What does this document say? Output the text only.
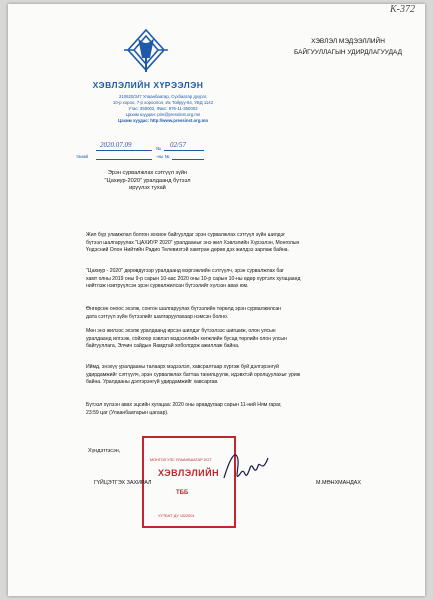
К-372
ХЭВЛЭЛИЙН ХҮРЭЭЛЭН
210620/347 Улаанбаатар, Сүхбаатар дүүрэг,
10-р хороо, 7-р хороолол, Их Тойруу-54, УБД 1142
Утас: 350002, Факс: 976-11-350002
Цахим шуудан: pim@pressinst.org.mn
Цахим хуудас: http://www.pressinst.org.mn
ХЭВЛЭЛ МЭДЭЭЛЛИЙН
БАЙГУУЛЛАГЫН УДИРДЛАГУУДАД
2020.07.09	№ 02/57
танай	-ны №
Эрэн сурвалжлах сэтгүүл зүйн
"Цахиур-2020" уралдаанд бүтээл
ирүүлэх тухай
Жил бүр уламжлал болгон зохион байгуулдаг эрэн сурвалжлах сэтгүүл зүйн шилдэг
бүтээл шалгаруулах "ЦАХИУР 2020" уралдааныг энэ жил Хэвлэлийн Хүрээлэн, Монголын
Үндэсний Олон Нийтийн Радио Телевизтэй хамтран дөрөв дэх жилдээ зарлаж байна.
"Цахиур - 2020" дөрөвдүгээр уралдаанд мэргэжлийн сэтгүүлч, эрэн сурвалжлах баг
хамт олны 2019 оны 9-р сарын 10-аас 2020 оны 10-р сарын 10-ны өдөр хүртэлх хугацаанд
нийтлэж нэвтрүүлсэн эрэн сурвалжилсан бүтээлийг хүлээн авах юм.
Өнгөрсөн оноос эхэлж, сонгон шалгаруулах бүтээлийн төрөлд эрэн сурвалжилсан
дата сэтгүүл зүйн бүтээлийг шалгаруулахаар нэмсэн болно.
Мөн энэ жилээс эхэлж уралдаанд ирсэн шилдэг бүтээлээс шигшиж, олон улсын
уралдаанд илгээж, сойхоор хэвлэл мэдээллийн хөгжлийн бусад төрлийн олон улсын
байгууллага, Элчин сайдын Яамдтай хоболгдож ажиллаж байна.
Иймд, энэхүү уралдааны талаарх мэдээлэл, хавсралтаар хүргэж буй дэлгэрэнгүй
удирдамжийг сэтгүүлч, эрэн сурвалжлах баттаа танилцуулж, идэвхтэй оролцуулахыг уриж
байна. Уралдааны дэлгэрэнгүй удирдамжийг хавсаргав.
Бүтээл хүлээн авах эцсийн хугацаа: 2020 оны аравдугаар сарын 11-ний Ням гараг,
23:59 цаг (Улаанбаатарын цагаар).
Хүндэтгэсэн,
МОНГОЛ УЛС УЛААНБААТАР ХОТ
ХЭВЛЭЛИЙН
ТББ
УУТБНТ ДУ 1022001
ГҮЙЦЭТГЭХ ЗАХИРАЛ	М.МӨНХМАНДАХ
